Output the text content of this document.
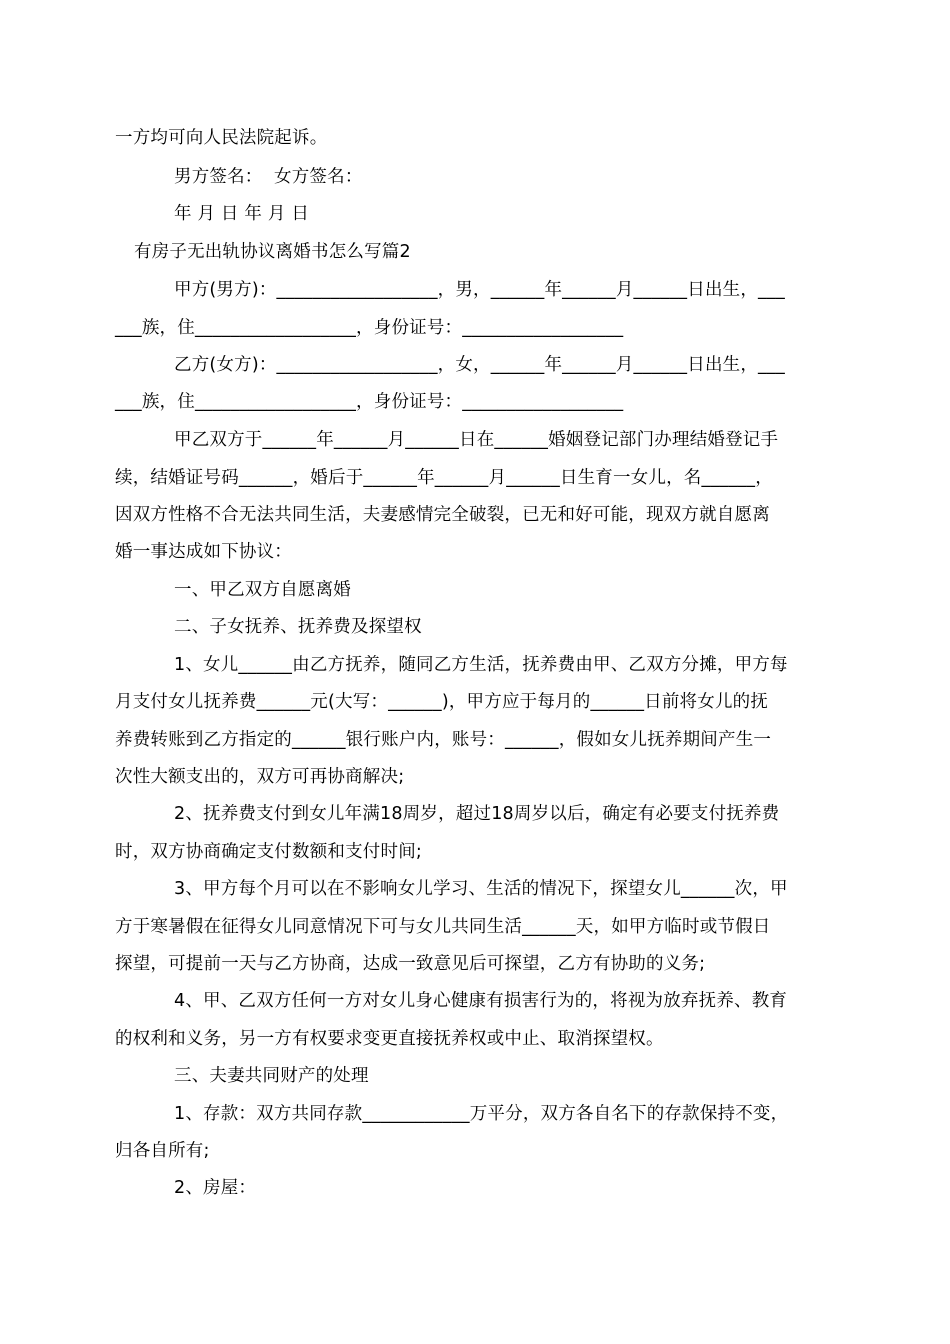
一方均可向人民法院起诉。
男方签名：  女方签名：
年 月 日 年 月 日
有房子无出轨协议离婚书怎么写篇2
甲方(男方)：__________________，男，______年______月______日出生，___
___族，住__________________，身份证号：__________________
乙方(女方)：__________________，女，______年______月______日出生，___
___族，住__________________，身份证号：__________________
甲乙双方于______年______月______日在______婚姻登记部门办理结婚登记手
续，结婚证号码______，婚后于______年______月______日生育一女儿，名______，
因双方性格不合无法共同生活，夫妻感情完全破裂，已无和好可能，现双方就自愿离
婚一事达成如下协议：
一、甲乙双方自愿离婚
二、子女抚养、抚养费及探望权
1、女儿______由乙方抚养，随同乙方生活，抚养费由甲、乙双方分摊，甲方每
月支付女儿抚养费______元(大写：______)，甲方应于每月的______日前将女儿的抚
养费转账到乙方指定的______银行账户内，账号：______，假如女儿抚养期间产生一
次性大额支出的，双方可再协商解决;
2、抚养费支付到女儿年满18周岁，超过18周岁以后，确定有必要支付抚养费
时，双方协商确定支付数额和支付时间;
3、甲方每个月可以在不影响女儿学习、生活的情况下，探望女儿______次，甲
方于寒暑假在征得女儿同意情况下可与女儿共同生活______天，如甲方临时或节假日
探望，可提前一天与乙方协商，达成一致意见后可探望，乙方有协助的义务;
4、甲、乙双方任何一方对女儿身心健康有损害行为的，将视为放弃抚养、教育
的权利和义务，另一方有权要求变更直接抚养权或中止、取消探望权。
三、夫妻共同财产的处理
1、存款：双方共同存款____________万平分，双方各自名下的存款保持不变，
归各自所有;
2、房屋：
